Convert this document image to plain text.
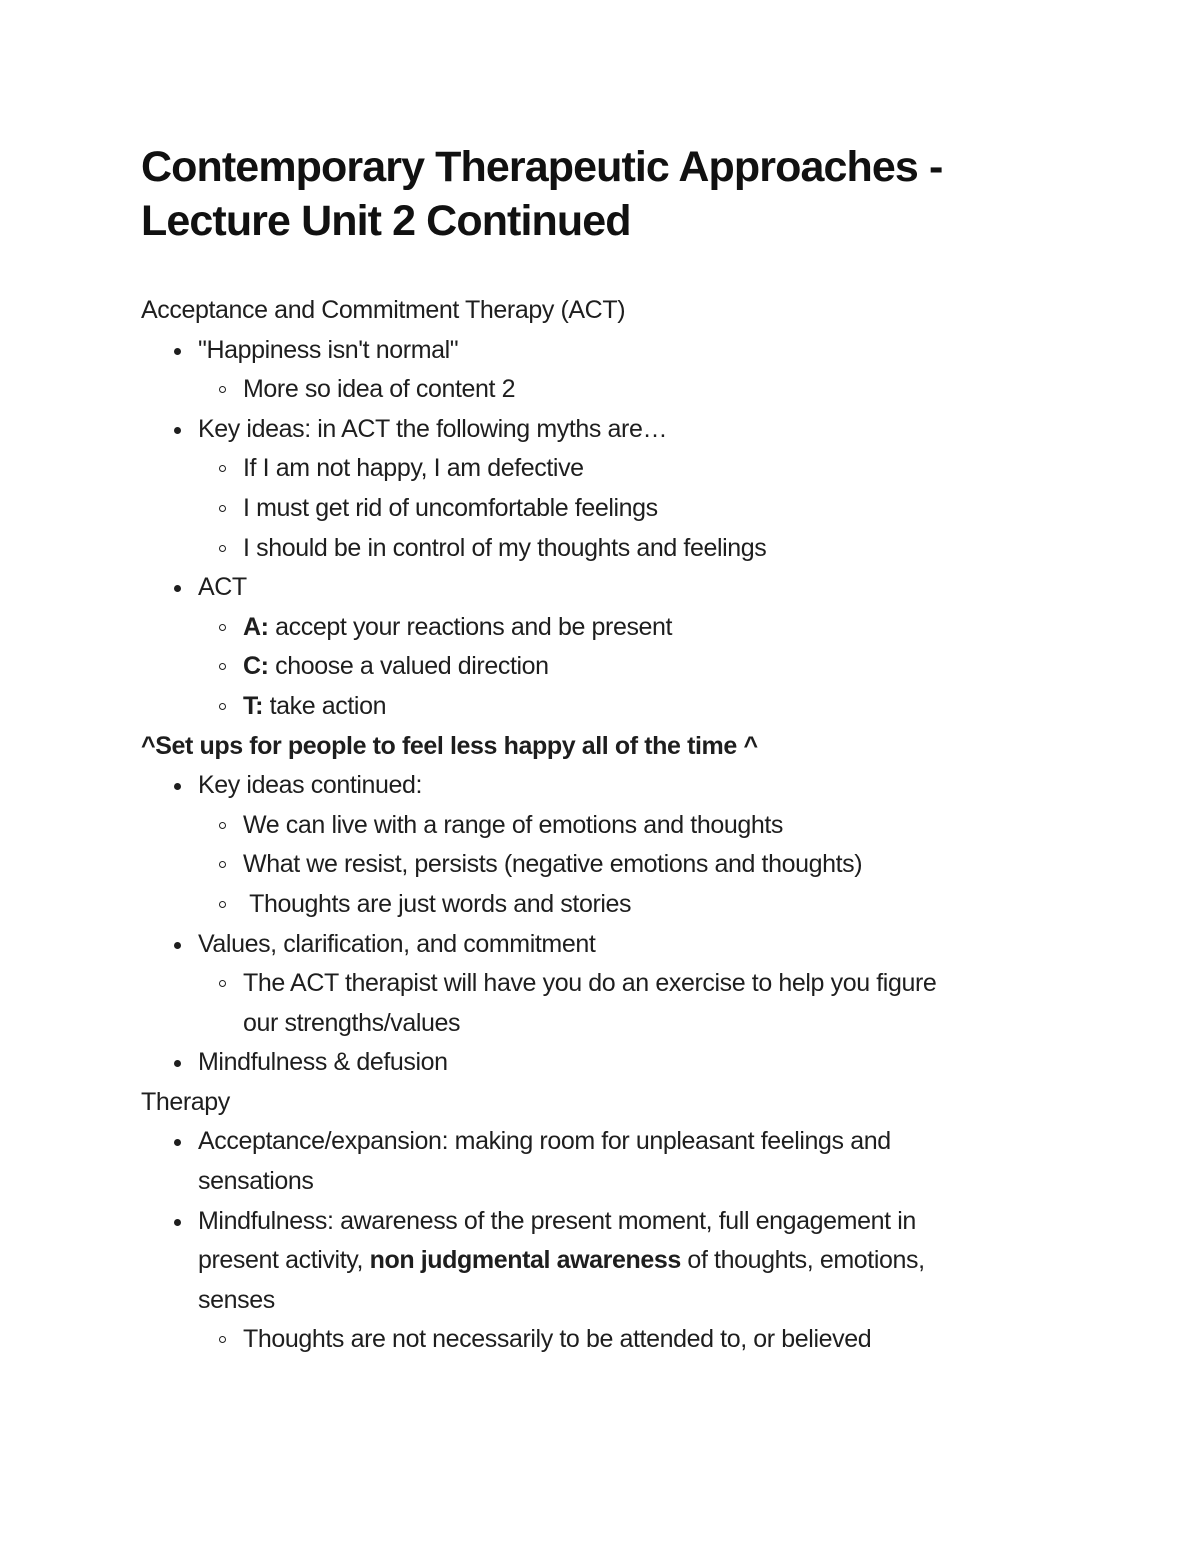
Contemporary Therapeutic Approaches -
Lecture Unit 2 Continued
Acceptance and Commitment Therapy (ACT)
"Happiness isn't normal"
More so idea of content 2
Key ideas: in ACT the following myths are…
If I am not happy, I am defective
I must get rid of uncomfortable feelings
I should be in control of my thoughts and feelings
ACT
A: accept your reactions and be present
C: choose a valued direction
T: take action
^Set ups for people to feel less happy all of the time ^
Key ideas continued:
We can live with a range of emotions and thoughts
What we resist, persists (negative emotions and thoughts)
Thoughts are just words and stories
Values, clarification, and commitment
The ACT therapist will have you do an exercise to help you figure
our strengths/values
Mindfulness & defusion
Therapy
Acceptance/expansion: making room for unpleasant feelings and
sensations
Mindfulness: awareness of the present moment, full engagement in
present activity, non judgmental awareness of thoughts, emotions,
senses
Thoughts are not necessarily to be attended to, or believed
